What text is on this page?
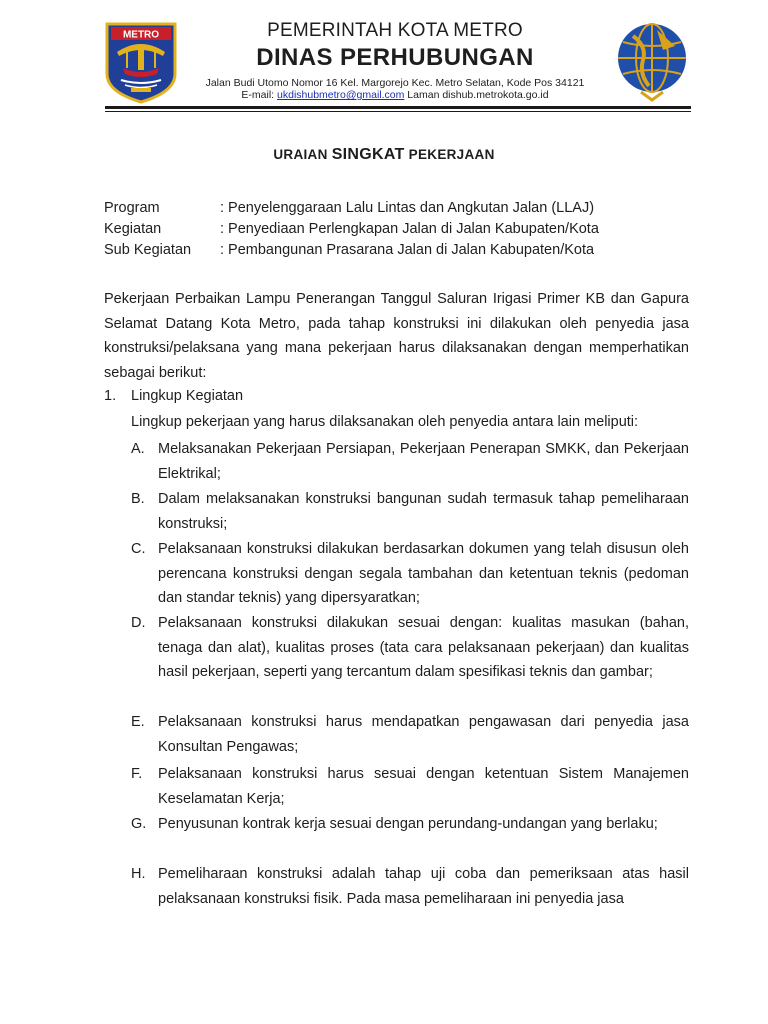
METRO	PEMERINTAH KOTA METRO
DINAS PERHUBUNGAN
Jalan Budi Utomo Nomor 16 Kel. Margorejo Kec. Metro Selatan, Kode Pos 34121
E-mail: ukdishubmetro@gmail.com Laman dishub.metrokota.go.id
URAIAN SINGKAT PEKERJAAN
Program	: Penyelenggaraan Lalu Lintas dan Angkutan Jalan (LLAJ)
Kegiatan	: Penyediaan Perlengkapan Jalan di Jalan Kabupaten/Kota
Sub Kegiatan	: Pembangunan Prasarana Jalan di Jalan Kabupaten/Kota
Pekerjaan Perbaikan Lampu Penerangan Tanggul Saluran Irigasi Primer KB dan Gapura Selamat Datang Kota Metro, pada tahap konstruksi ini dilakukan oleh penyedia jasa konstruksi/pelaksana yang mana pekerjaan harus dilaksanakan dengan memperhatikan sebagai berikut:
1. Lingkup Kegiatan
Lingkup pekerjaan yang harus dilaksanakan oleh penyedia antara lain meliputi:
A. Melaksanakan Pekerjaan Persiapan, Pekerjaan Penerapan SMKK, dan Pekerjaan Elektrikal;
B. Dalam melaksanakan konstruksi bangunan sudah termasuk tahap pemeliharaan konstruksi;
C. Pelaksanaan konstruksi dilakukan berdasarkan dokumen yang telah disusun oleh perencana konstruksi dengan segala tambahan dan ketentuan teknis (pedoman dan standar teknis) yang dipersyaratkan;
D. Pelaksanaan konstruksi dilakukan sesuai dengan: kualitas masukan (bahan, tenaga dan alat), kualitas proses (tata cara pelaksanaan pekerjaan) dan kualitas hasil pekerjaan, seperti yang tercantum dalam spesifikasi teknis dan gambar;
E. Pelaksanaan konstruksi harus mendapatkan pengawasan dari penyedia jasa Konsultan Pengawas;
F. Pelaksanaan konstruksi harus sesuai dengan ketentuan Sistem Manajemen Keselamatan Kerja;
G. Penyusunan kontrak kerja sesuai dengan perundang-undangan yang berlaku;
H. Pemeliharaan konstruksi adalah tahap uji coba dan pemeriksaan atas hasil pelaksanaan konstruksi fisik. Pada masa pemeliharaan ini penyedia jasa
